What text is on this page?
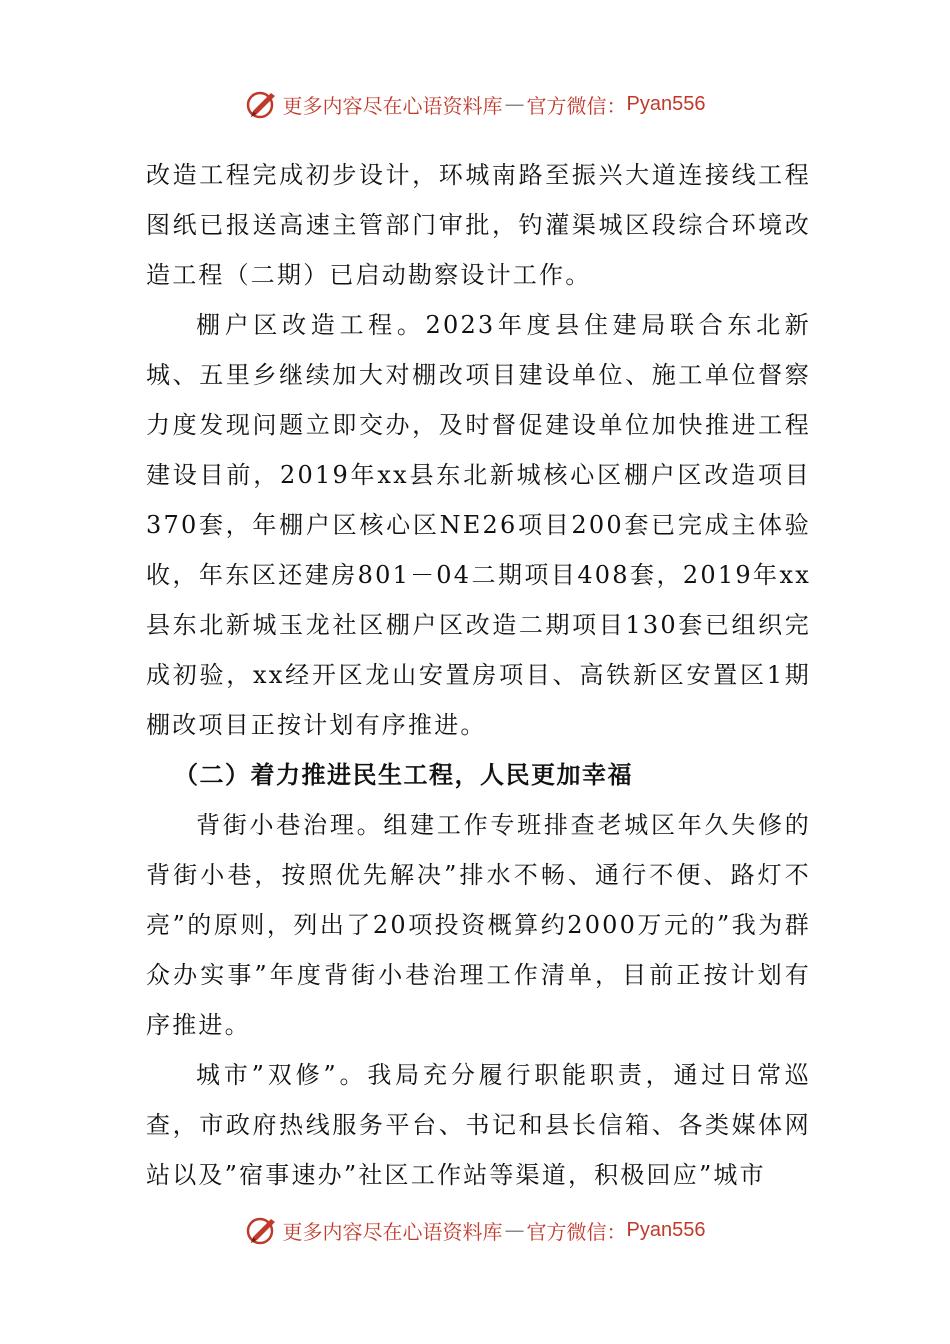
更多内容尽在心语资料库 — 官方微信： Pyan556

改造工程完成初步设计，环城南路至振兴大道连接线工程图纸已报送高速主管部门审批，钓灌渠城区段综合环境改造工程（二期）已启动勘察设计工作。

棚户区改造工程。2023年度县住建局联合东北新城、五里乡继续加大对棚改项目建设单位、施工单位督察力度发现问题立即交办，及时督促建设单位加快推进工程建设目前，2019年xx县东北新城核心区棚户区改造项目370套，年棚户区核心区NE26项目200套已完成主体验收，年东区还建房801－04二期项目408套，2019年xx县东北新城玉龙社区棚户区改造二期项目130套已组织完成初验，xx经开区龙山安置房项目、高铁新区安置区1期棚改项目正按计划有序推进。

（二）着力推进民生工程，人民更加幸福

背街小巷治理。组建工作专班排查老城区年久失修的背街小巷，按照优先解决”排水不畅、通行不便、路灯不亮”的原则，列出了20项投资概算约2000万元的”我为群众办实事”年度背街小巷治理工作清单，目前正按计划有序推进。

城市”双修”。我局充分履行职能职责，通过日常巡查，市政府热线服务平台、书记和县长信箱、各类媒体网站以及”宿事速办”社区工作站等渠道，积极回应”城市

更多内容尽在心语资料库 — 官方微信： Pyan556
